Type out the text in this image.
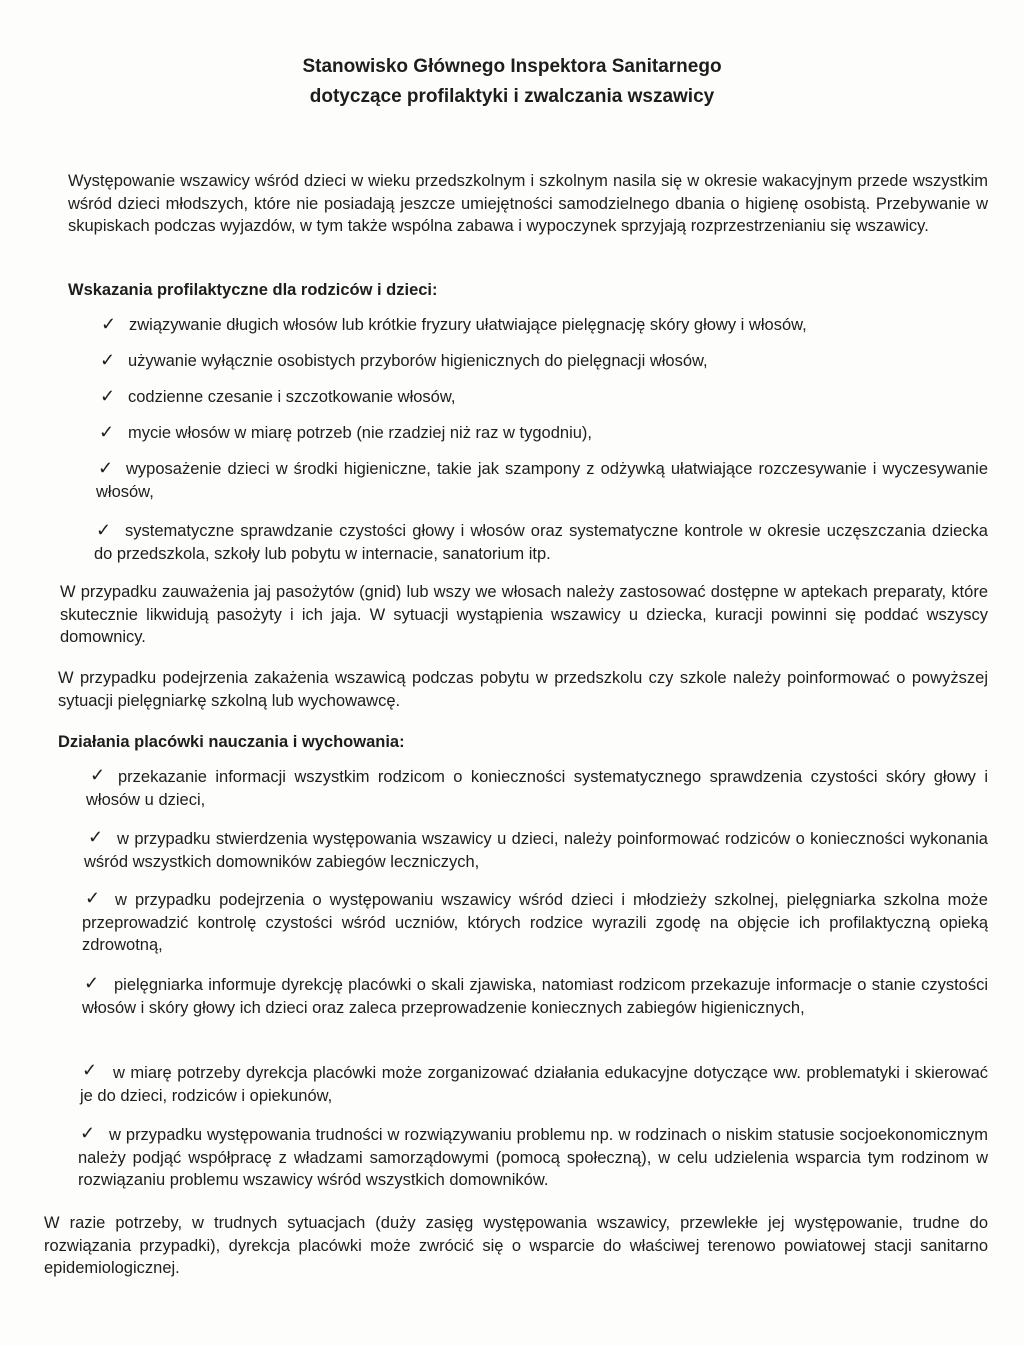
Stanowisko Głównego Inspektora Sanitarnego
dotyczące profilaktyki i zwalczania wszawicy
Występowanie wszawicy wśród dzieci w wieku przedszkolnym i szkolnym nasila się w okresie wakacyjnym przede wszystkim wśród dzieci młodszych, które nie posiadają jeszcze umiejętności samodzielnego dbania o higienę osobistą. Przebywanie w skupiskach podczas wyjazdów, w tym także wspólna zabawa i wypoczynek sprzyjają rozprzestrzenianiu się wszawicy.
Wskazania profilaktyczne dla rodziców i dzieci:
✓ związywanie długich włosów lub krótkie fryzury ułatwiające pielęgnację skóry głowy i włosów,
✓ używanie wyłącznie osobistych przyborów higienicznych do pielęgnacji włosów,
✓ codzienne czesanie i szczotkowanie włosów,
✓ mycie włosów w miarę potrzeb (nie rzadziej niż raz w tygodniu),
✓ wyposażenie dzieci w środki higieniczne, takie jak szampony z odżywką ułatwiające rozczesywanie i wyczesywanie włosów,
✓ systematyczne sprawdzanie czystości głowy i włosów oraz systematyczne kontrole w okresie uczęszczania dziecka do przedszkola, szkoły lub pobytu w internacie, sanatorium itp.
W przypadku zauważenia jaj pasożytów (gnid) lub wszy we włosach należy zastosować dostępne w aptekach preparaty, które skutecznie likwidują pasożyty i ich jaja. W sytuacji wystąpienia wszawicy u dziecka, kuracji powinni się poddać wszyscy domownicy.
W przypadku podejrzenia zakażenia wszawicą podczas pobytu w przedszkolu czy szkole należy poinformować o powyższej sytuacji pielęgniarkę szkolną lub wychowawcę.
Działania placówki nauczania i wychowania:
✓ przekazanie informacji wszystkim rodzicom o konieczności systematycznego sprawdzenia czystości skóry głowy i włosów u dzieci,
✓ w przypadku stwierdzenia występowania wszawicy u dzieci, należy poinformować rodziców o konieczności wykonania wśród wszystkich domowników zabiegów leczniczych,
✓ w przypadku podejrzenia o występowaniu wszawicy wśród dzieci i młodzieży szkolnej, pielęgniarka szkolna może przeprowadzić kontrolę czystości wśród uczniów, których rodzice wyrazili zgodę na objęcie ich profilaktyczną opieką zdrowotną,
✓ pielęgniarka informuje dyrekcję placówki o skali zjawiska, natomiast rodzicom przekazuje informacje o stanie czystości włosów i skóry głowy ich dzieci oraz zaleca przeprowadzenie koniecznych zabiegów higienicznych,
✓ w miarę potrzeby dyrekcja placówki może zorganizować działania edukacyjne dotyczące ww. problematyki i skierować je do dzieci, rodziców i opiekunów,
✓ w przypadku występowania trudności w rozwiązywaniu problemu np. w rodzinach o niskim statusie socjoekonomicznym należy podjąć współpracę z władzami samorządowymi (pomocą społeczną), w celu udzielenia wsparcia tym rodzinom w rozwiązaniu problemu wszawicy wśród wszystkich domowników.
W razie potrzeby, w trudnych sytuacjach (duży zasięg występowania wszawicy, przewlekłe jej występowanie, trudne do rozwiązania przypadki), dyrekcja placówki może zwrócić się o wsparcie do właściwej terenowo powiatowej stacji sanitarno epidemiologicznej.
